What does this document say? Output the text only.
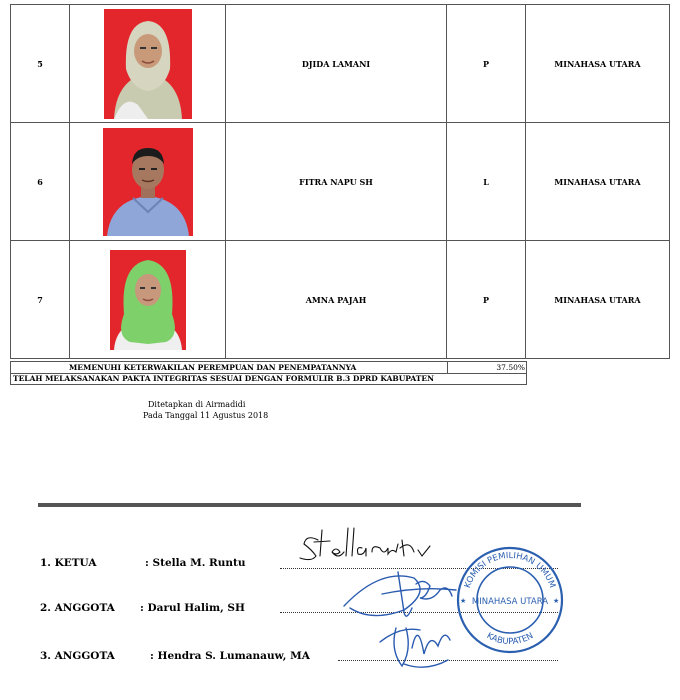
5		DJIDA LAMANI	P	MINAHASA UTARA
6		FITRA NAPU SH	L	MINAHASA UTARA
7		AMNA PAJAH	P	MINAHASA UTARA
MEMENUHI KETERWAKILAN PEREMPUAN DAN PENEMPATANNYA	37.50%
TELAH MELAKSANAKAN PAKTA INTEGRITAS SESUAI DENGAN FORMULIR B.3 DPRD KABUPATEN
Ditetapkan di Airmadidi
Pada Tanggal 11 Agustus 2018
1. KETUA	: Stella M. Runtu
2. ANGGOTA : Darul Halim, SH
3. ANGGOTA	: Hendra S. Lumanauw, MA
KOMISI PEMILIHAN UMUM
MINAHASA UTARA
KABUPATEN
★	★
